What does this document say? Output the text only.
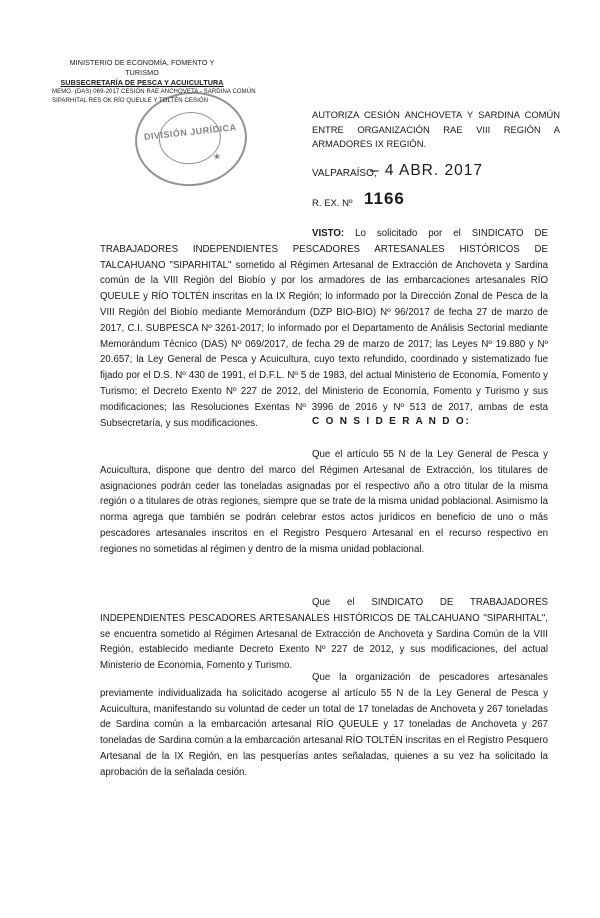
MINISTERIO DE ECONOMÍA, FOMENTO Y TURISMO
SUBSECRETARÍA DE PESCA Y ACUICULTURA
MEMO. (DAS) 069-2017 CESIÓN RAE ANCHOVETA - SARDINA COMÚN
SIPARHITAL RES OK RÍO QUEULE Y TOLTÉN CESIÓN
DIVISIÓN JURÍDICA
★
AUTORIZA CESIÓN ANCHOVETA Y SARDINA COMÚN ENTRE ORGANIZACIÓN RAE VIII REGIÓN A ARMADORES IX REGIÓN.
VALPARAÍSO,
– 4 ABR. 2017
R. EX. Nº 1166
VISTO: Lo solicitado por el SINDICATO DE TRABAJADORES INDEPENDIENTES PESCADORES ARTESANALES HISTÓRICOS DE TALCAHUANO "SIPARHITAL" sometido al Régimen Artesanal de Extracción de Anchoveta y Sardina común de la VIII Región del Biobío y por los armadores de las embarcaciones artesanales RÍO QUEULE y RÍO TOLTÉN inscritas en la IX Región; lo informado por la Dirección Zonal de Pesca de la VIII Región del Biobío mediante Memorándum (DZP BIO-BIO) Nº 96/2017 de fecha 27 de marzo de 2017, C.I. SUBPESCA Nº 3261-2017; lo informado por el Departamento de Análisis Sectorial mediante Memorándum Técnico (DAS) Nº 069/2017, de fecha 29 de marzo de 2017; las Leyes Nº 19.880 y Nº 20.657; la Ley General de Pesca y Acuicultura, cuyo texto refundido, coordinado y sistematizado fue fijado por el D.S. Nº 430 de 1991, el D.F.L. Nº 5 de 1983, del actual Ministerio de Economía, Fomento y Turismo; el Decreto Exento Nº 227 de 2012, del Ministerio de Economía, Fomento y Turismo y sus modificaciones; las Resoluciones Exentas Nº 3996 de 2016 y Nº 513 de 2017, ambas de esta Subsecretaría, y sus modificaciones.	C O N S I D E R A N D O:
Que el artículo 55 N de la Ley General de Pesca y Acuicultura, dispone que dentro del marco del Régimen Artesanal de Extracción, los titulares de asignaciones podrán ceder las toneladas asignadas por el respectivo año a otro titular de la misma región o a titulares de otras regiones, siempre que se trate de la misma unidad poblacional. Asimismo la norma agrega que también se podrán celebrar estos actos jurídicos en beneficio de uno o más pescadores artesanales inscritos en el Registro Pesquero Artesanal en el recurso respectivo en regiones no sometidas al régimen y dentro de la misma unidad poblacional.
Que el SINDICATO DE TRABAJADORES INDEPENDIENTES PESCADORES ARTESANALES HISTÓRICOS DE TALCAHUANO "SIPARHITAL", se encuentra sometido al Régimen Artesanal de Extracción de Anchoveta y Sardina Común de la VIII Región, establecido mediante Decreto Exento Nº 227 de 2012, y sus modificaciones, del actual Ministerio de Economía, Fomento y Turismo.
Que la organización de pescadores artesanales previamente individualizada ha solicitado acogerse al artículo 55 N de la Ley General de Pesca y Acuicultura, manifestando su voluntad de ceder un total de 17 toneladas de Anchoveta y 267 toneladas de Sardina común a la embarcación artesanal RÍO QUEULE y 17 toneladas de Anchoveta y 267 toneladas de Sardina común a la embarcación artesanal RÍO TOLTÉN inscritas en el Registro Pesquero Artesanal de la IX Región, en las pesquerías antes señaladas, quienes a su vez ha solicitado la aprobación de la señalada cesión.
